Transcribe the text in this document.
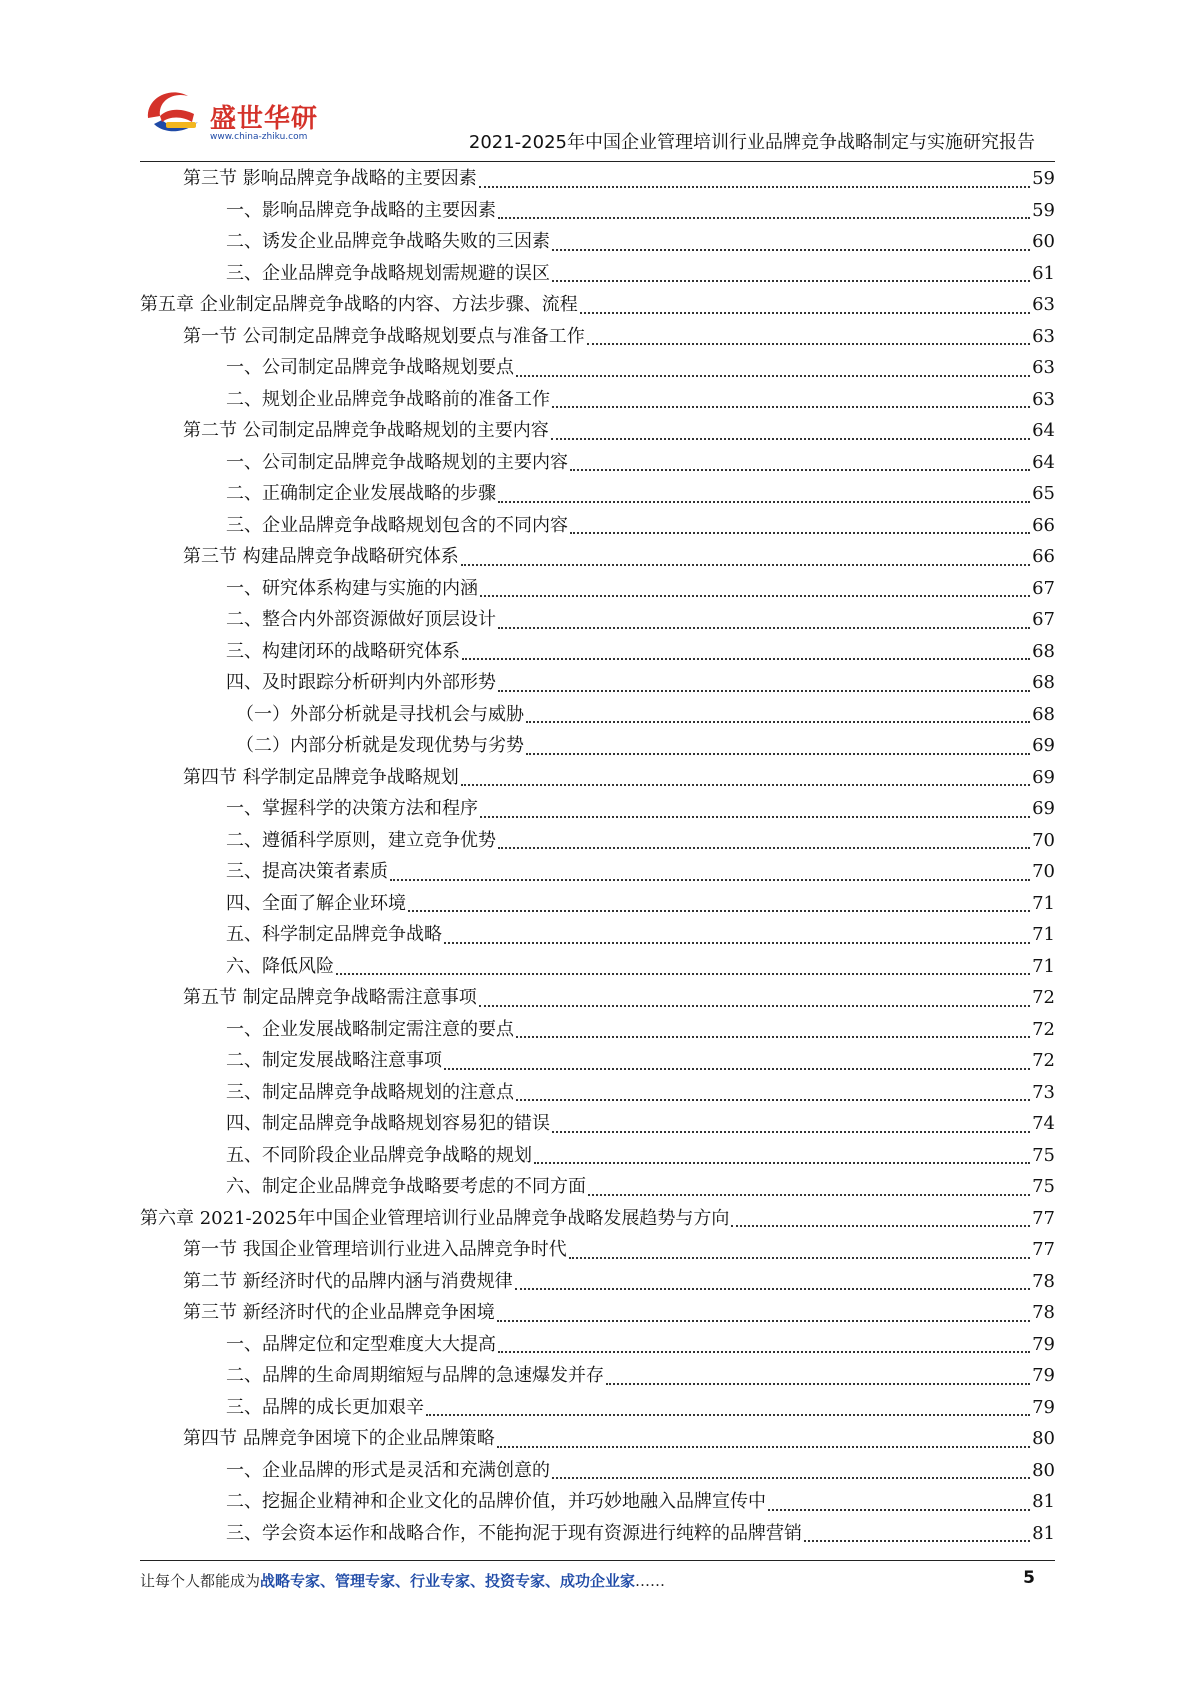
盛世华研
www.china-zhiku.com	2021-2025年中国企业管理培训行业品牌竞争战略制定与实施研究报告
第三节 影响品牌竞争战略的主要因素	59
一、影响品牌竞争战略的主要因素	59
二、诱发企业品牌竞争战略失败的三因素	60
三、企业品牌竞争战略规划需规避的误区	61
第五章 企业制定品牌竞争战略的内容、方法步骤、流程	63
第一节 公司制定品牌竞争战略规划要点与准备工作	63
一、公司制定品牌竞争战略规划要点	63
二、规划企业品牌竞争战略前的准备工作	63
第二节 公司制定品牌竞争战略规划的主要内容	64
一、公司制定品牌竞争战略规划的主要内容	64
二、正确制定企业发展战略的步骤	65
三、企业品牌竞争战略规划包含的不同内容	66
第三节 构建品牌竞争战略研究体系	66
一、研究体系构建与实施的内涵	67
二、整合内外部资源做好顶层设计	67
三、构建闭环的战略研究体系	68
四、及时跟踪分析研判内外部形势	68
（一）外部分析就是寻找机会与威胁	68
（二）内部分析就是发现优势与劣势	69
第四节 科学制定品牌竞争战略规划	69
一、掌握科学的决策方法和程序	69
二、遵循科学原则，建立竞争优势	70
三、提高决策者素质	70
四、全面了解企业环境	71
五、科学制定品牌竞争战略	71
六、降低风险	71
第五节 制定品牌竞争战略需注意事项	72
一、企业发展战略制定需注意的要点	72
二、制定发展战略注意事项	72
三、制定品牌竞争战略规划的注意点	73
四、制定品牌竞争战略规划容易犯的错误	74
五、不同阶段企业品牌竞争战略的规划	75
六、制定企业品牌竞争战略要考虑的不同方面	75
第六章 2021-2025年中国企业管理培训行业品牌竞争战略发展趋势与方向	77
第一节 我国企业管理培训行业进入品牌竞争时代	77
第二节 新经济时代的品牌内涵与消费规律	78
第三节 新经济时代的企业品牌竞争困境	78
一、品牌定位和定型难度大大提高	79
二、品牌的生命周期缩短与品牌的急速爆发并存	79
三、品牌的成长更加艰辛	79
第四节 品牌竞争困境下的企业品牌策略	80
一、企业品牌的形式是灵活和充满创意的	80
二、挖掘企业精神和企业文化的品牌价值，并巧妙地融入品牌宣传中	81
三、学会资本运作和战略合作，不能拘泥于现有资源进行纯粹的品牌营销	81
让每个人都能成为战略专家、管理专家、行业专家、投资专家、成功企业家……	5
